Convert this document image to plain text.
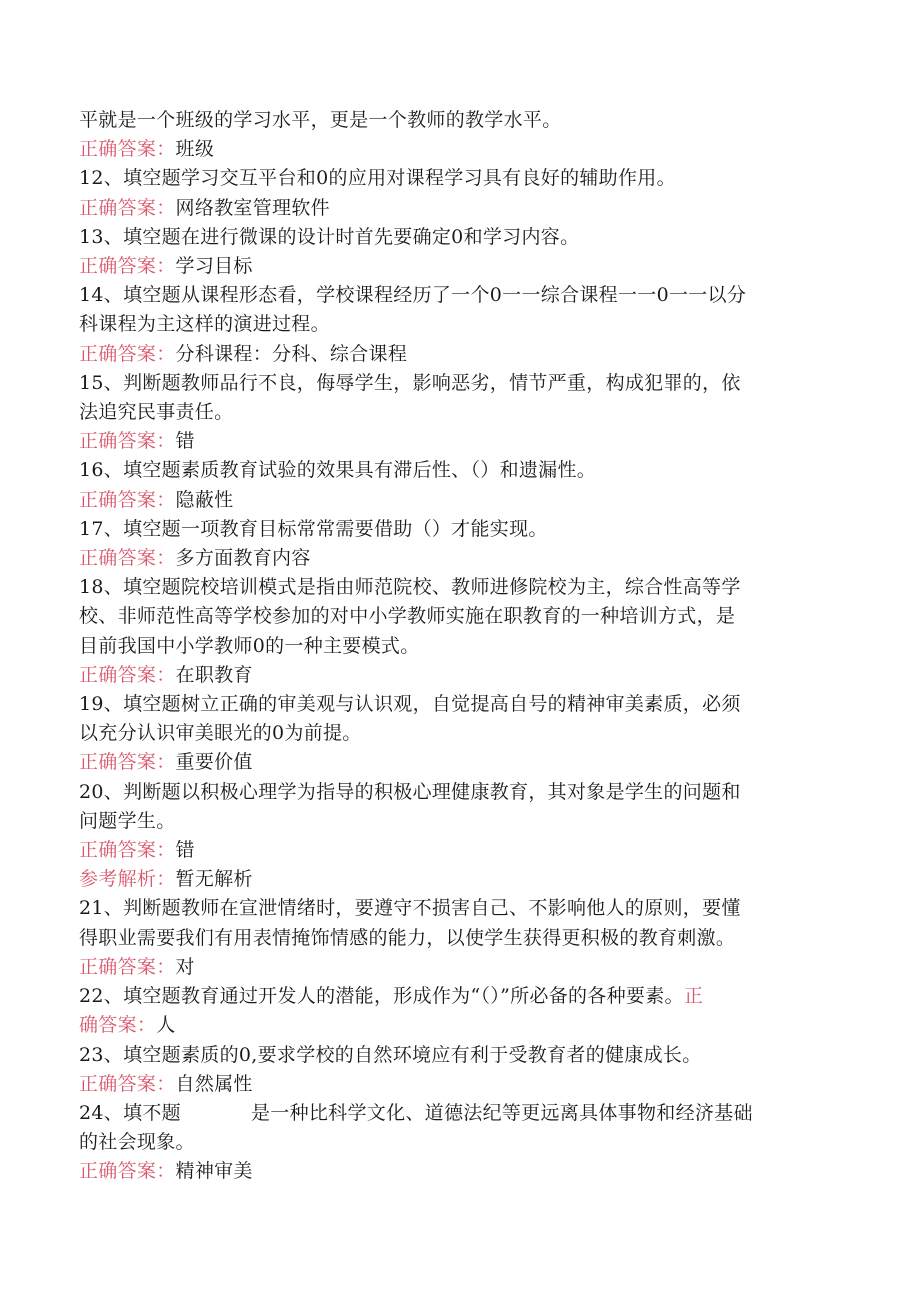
平就是一个班级的学习水平，更是一个教师的教学水平。
正确答案：班级
12、填空题学习交互平台和0的应用对课程学习具有良好的辅助作用。
正确答案：网络教室管理软件
13、填空题在进行微课的设计时首先要确定0和学习内容。
正确答案：学习目标
14、填空题从课程形态看，学校课程经历了一个0一一综合课程一一0一一以分
科课程为主这样的演进过程。
正确答案：分科课程：分科、综合课程
15、判断题教师品行不良，侮辱学生，影响恶劣，情节严重，构成犯罪的，依
法追究民事责任。
正确答案：错
16、填空题素质教育试验的效果具有滞后性、（）和遗漏性。
正确答案：隐蔽性
17、填空题一项教育目标常常需要借助（）才能实现。
正确答案：多方面教育内容
18、填空题院校培训模式是指由师范院校、教师进修院校为主，综合性高等学
校、非师范性高等学校参加的对中小学教师实施在职教育的一种培训方式，是
目前我国中小学教师0的一种主要模式。
正确答案：在职教育
19、填空题树立正确的审美观与认识观，自觉提高自号的精神审美素质，必须
以充分认识审美眼光的0为前提。
正确答案：重要价值
20、判断题以积极心理学为指导的积极心理健康教育，其对象是学生的问题和
问题学生。
正确答案：错
参考解析：暂无解析
21、判断题教师在宣泄情绪时，要遵守不损害自己、不影响他人的原则，要懂
得职业需要我们有用表情掩饰情感的能力，以使学生获得更积极的教育刺激。
正确答案：对
22、填空题教育通过开发人的潜能，形成作为“（）”所必备的各种要素。正
确答案：人
23、填空题素质的0,要求学校的自然环境应有利于受教育者的健康成长。
正确答案：自然属性
24、填不题	是一种比科学文化、道德法纪等更远离具体事物和经济基础
的社会现象。
正确答案：精神审美
